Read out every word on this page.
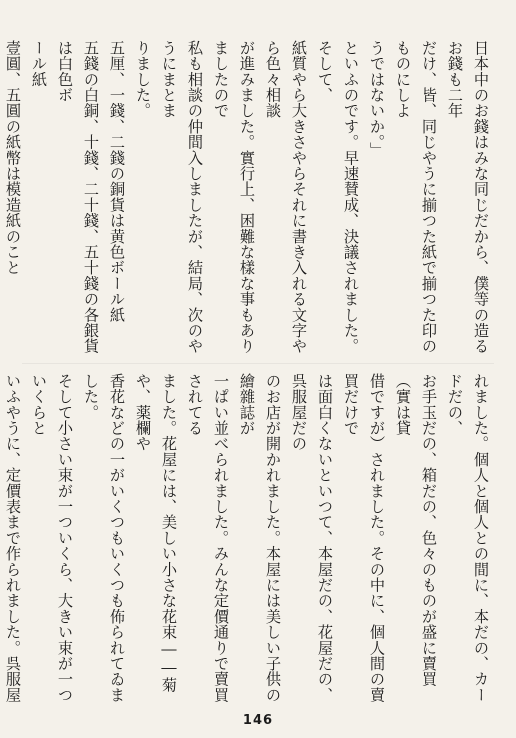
日本中のお錢はみな同じだから、僕等の造るお錢も二年
だけ、皆、同じやうに揃つた紙で揃つた印のものにしよ
うではないか。」
といふのです。早速賛成、決議されました。そして、
紙質やら大きさやらそれに書き入れる文字やら色々相談
が進みました。實行上、困難な樣な事もありましたので
私も相談の仲間入しましたが、結局、次のやうにまとま
りました。
五厘、一錢、二錢の銅貨は黄色ボール紙
五錢の白銅、十錢、二十錢、五十錢の各銀貨は白色ボ
ール紙
壹圓、五圓の紙幣は模造紙のこと
れました。個人と個人との間に、本だの、カードだの、
お手玉だの、箱だの、色々のものが盛に賣買（實は貸
借ですが）されました。その中に、個人間の賣買だけで
は面白くないといつて、本屋だの、花屋だの、呉服屋だの
のお店が開かれました。本屋には美しい子供の繪雜誌が
一ぱい並べられました。みんな定價通りで賣買されてる
ました。花屋には、美しい小さな花束――菊や、薬欄や
香花などの一がいくつもいくつも佈られてゐました。
そして小さい束が一ついくら、大きい束が一ついくらと
いふやうに、定價表まで作られました。呉服屋
146
